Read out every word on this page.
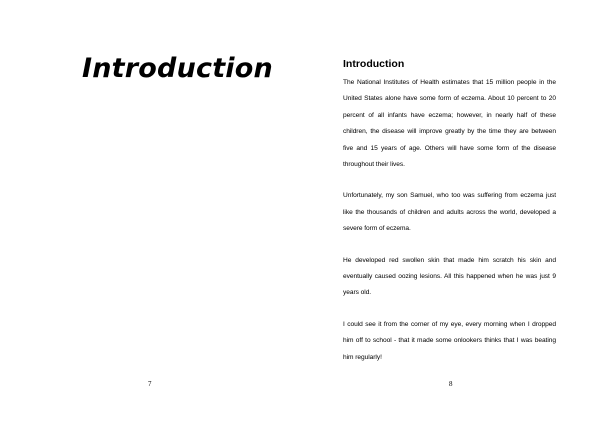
Introduction
7
Introduction

The National Institutes of Health estimates that 15 million people in the United States alone have some form of eczema. About 10 percent to 20 percent of all infants have eczema; however, in nearly half of these children, the disease will improve greatly by the time they are between five and 15 years of age. Others will have some form of the disease throughout their lives.

Unfortunately, my son Samuel, who too was suffering from eczema just like the thousands of children and adults across the world, developed a severe form of eczema.

He developed red swollen skin that made him scratch his skin and eventually caused oozing lesions. All this happened when he was just 9 years old.

I could see it from the corner of my eye, every morning when I dropped him off to school - that it made some onlookers thinks that I was beating him regularly!

8
